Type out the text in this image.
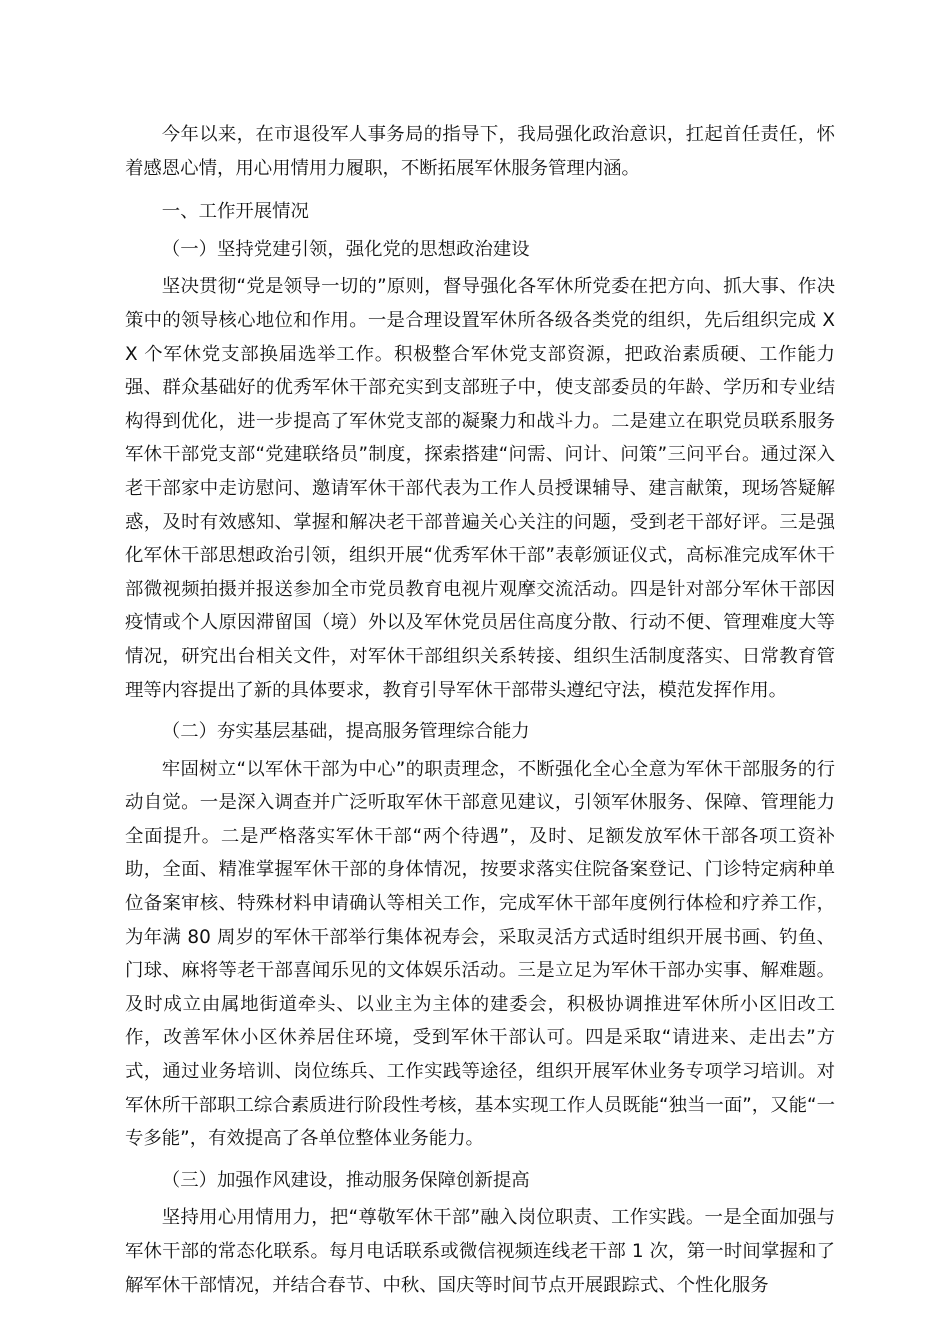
今年以来，在市退役军人事务局的指导下，我局强化政治意识，扛起首任责任，怀着感恩心情，用心用情用力履职，不断拓展军休服务管理内涵。

一、工作开展情况

（一）坚持党建引领，强化党的思想政治建设

坚决贯彻“党是领导一切的”原则，督导强化各军休所党委在把方向、抓大事、作决策中的领导核心地位和作用。一是合理设置军休所各级各类党的组织，先后组织完成 XX 个军休党支部换届选举工作。积极整合军休党支部资源，把政治素质硬、工作能力强、群众基础好的优秀军休干部充实到支部班子中，使支部委员的年龄、学历和专业结构得到优化，进一步提高了军休党支部的凝聚力和战斗力。二是建立在职党员联系服务军休干部党支部“党建联络员”制度，探索搭建“问需、问计、问策”三问平台。通过深入老干部家中走访慰问、邀请军休干部代表为工作人员授课辅导、建言献策，现场答疑解惑，及时有效感知、掌握和解决老干部普遍关心关注的问题，受到老干部好评。三是强化军休干部思想政治引领，组织开展“优秀军休干部”表彰颁证仪式，高标准完成军休干部微视频拍摄并报送参加全市党员教育电视片观摩交流活动。四是针对部分军休干部因疫情或个人原因滞留国（境）外以及军休党员居住高度分散、行动不便、管理难度大等情况，研究出台相关文件，对军休干部组织关系转接、组织生活制度落实、日常教育管理等内容提出了新的具体要求，教育引导军休干部带头遵纪守法，模范发挥作用。

（二）夯实基层基础，提高服务管理综合能力

牢固树立“以军休干部为中心”的职责理念，不断强化全心全意为军休干部服务的行动自觉。一是深入调查并广泛听取军休干部意见建议，引领军休服务、保障、管理能力全面提升。二是严格落实军休干部“两个待遇”，及时、足额发放军休干部各项工资补助，全面、精准掌握军休干部的身体情况，按要求落实住院备案登记、门诊特定病种单位备案审核、特殊材料申请确认等相关工作，完成军休干部年度例行体检和疗养工作，为年满 80 周岁的军休干部举行集体祝寿会，采取灵活方式适时组织开展书画、钓鱼、门球、麻将等老干部喜闻乐见的文体娱乐活动。三是立足为军休干部办实事、解难题。及时成立由属地街道牵头、以业主为主体的建委会，积极协调推进军休所小区旧改工作，改善军休小区休养居住环境，受到军休干部认可。四是采取“请进来、走出去”方式，通过业务培训、岗位练兵、工作实践等途径，组织开展军休业务专项学习培训。对军休所干部职工综合素质进行阶段性考核，基本实现工作人员既能“独当一面”，又能“一专多能”，有效提高了各单位整体业务能力。

（三）加强作风建设，推动服务保障创新提高

坚持用心用情用力，把“尊敬军休干部”融入岗位职责、工作实践。一是全面加强与军休干部的常态化联系。每月电话联系或微信视频连线老干部 1 次，第一时间掌握和了解军休干部情况，并结合春节、中秋、国庆等时间节点开展跟踪式、个性化服务
